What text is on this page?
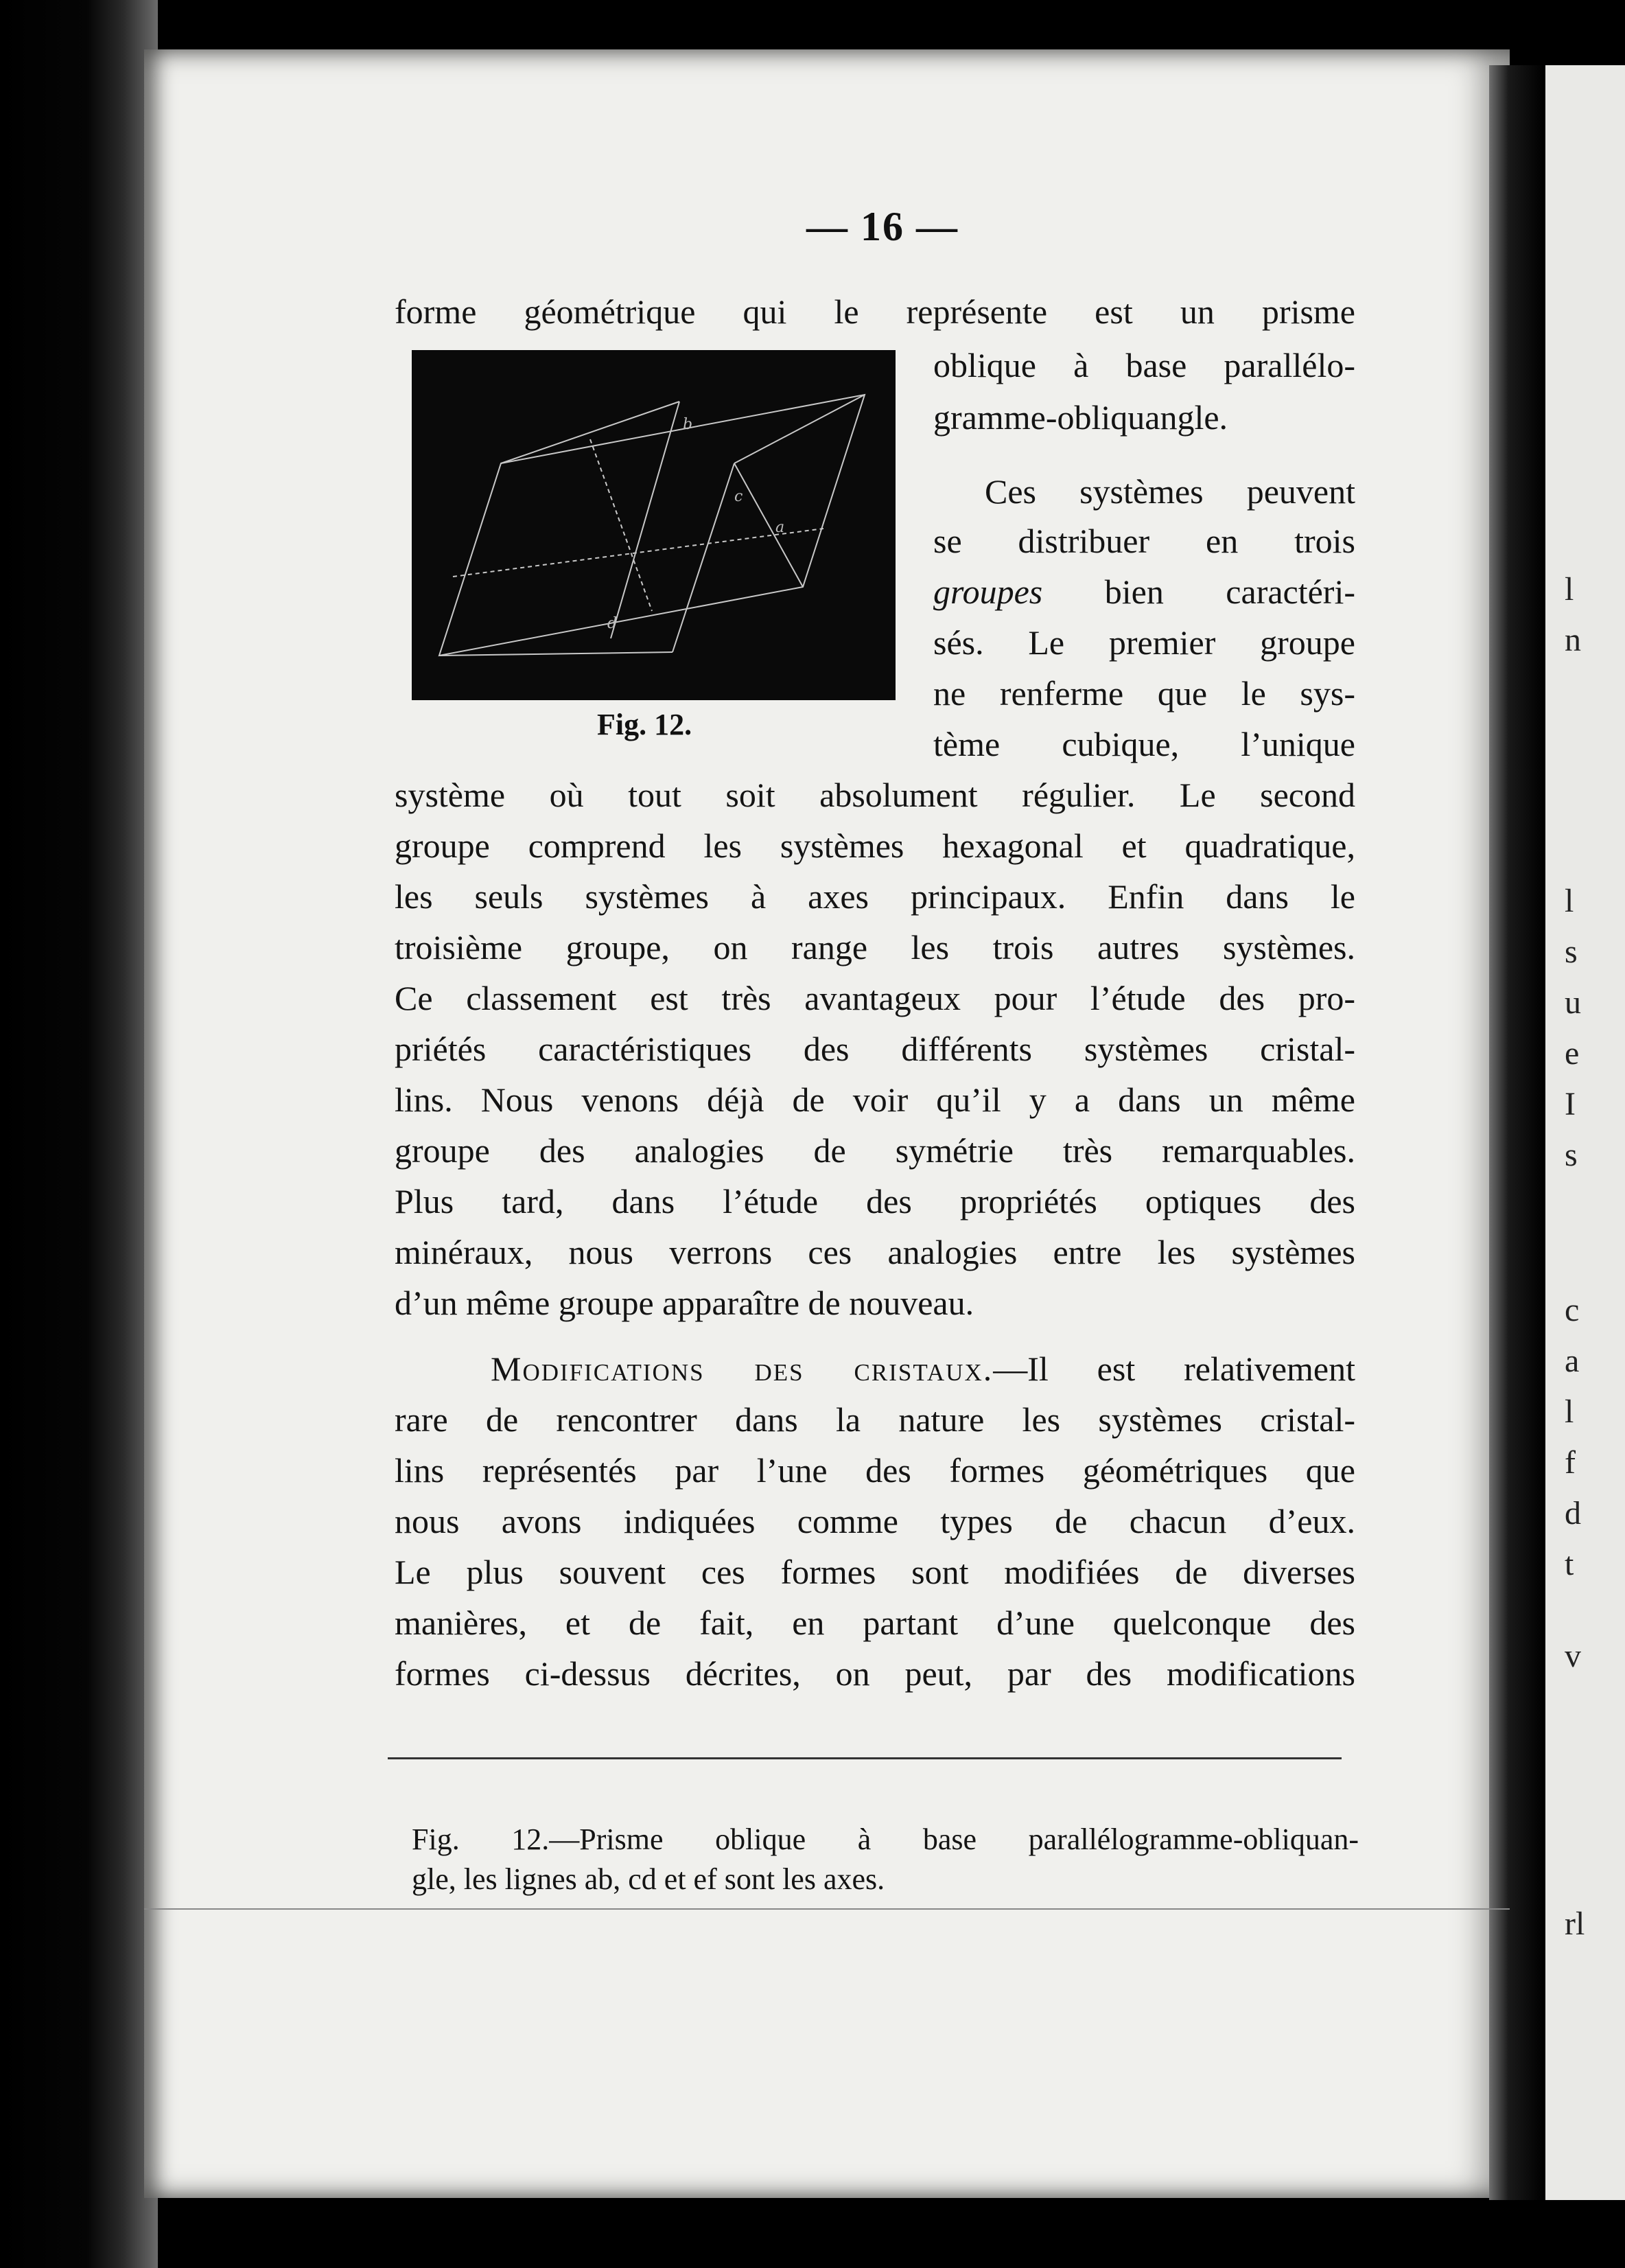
l
n
l
s
u
e
I
s
c
a
l
f
d
t
v
rl
— 16 —
forme géométrique qui le représente est un prisme
oblique à base parallélo-
gramme-obliquangle.
b
c
a
d
Fig. 12.
Ces systèmes peuvent
se distribuer en trois
groupes bien caractéri-
sés. Le premier groupe
ne renferme que le sys-
tème cubique, l’unique
système où tout soit absolument régulier. Le second
groupe comprend les systèmes hexagonal et quadratique,
les seuls systèmes à axes principaux. Enfin dans le
troisième groupe, on range les trois autres systèmes.
Ce classement est très avantageux pour l’étude des pro-
priétés caractéristiques des différents systèmes cristal-
lins. Nous venons déjà de voir qu’il y a dans un même
groupe des analogies de symétrie très remarquables.
Plus tard, dans l’étude des propriétés optiques des
minéraux, nous verrons ces analogies entre les systèmes
d’un même groupe apparaître de nouveau.
Modifications des cristaux.—Il est relativement
rare de rencontrer dans la nature les systèmes cristal-
lins représentés par l’une des formes géométriques que
nous avons indiquées comme types de chacun d’eux.
Le plus souvent ces formes sont modifiées de diverses
manières, et de fait, en partant d’une quelconque des
formes ci-dessus décrites, on peut, par des modifications
Fig. 12.—Prisme oblique à base parallélogramme-obliquan-
gle, les lignes ab, cd et ef sont les axes.
